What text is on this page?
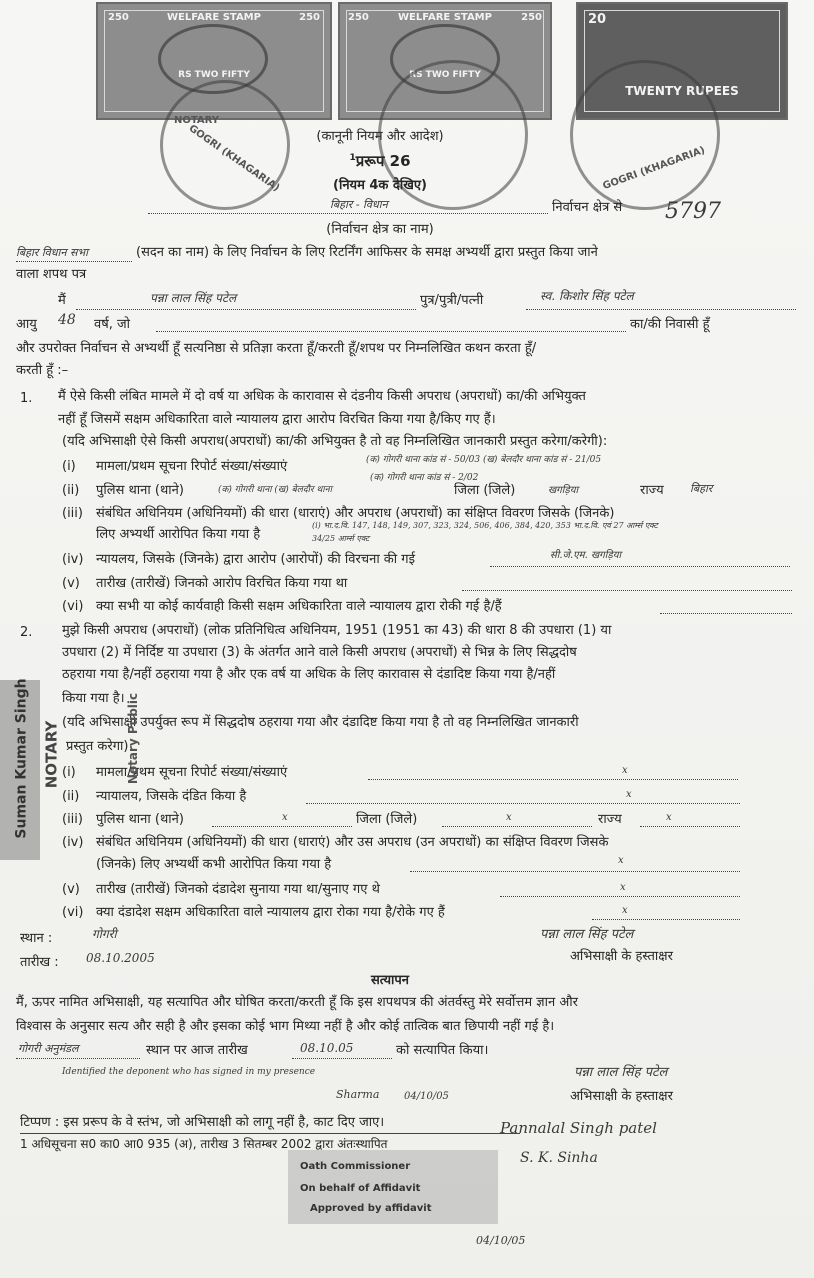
250	250
WELFARE STAMP
RS TWO FIFTY
250	250
WELFARE STAMP
RS TWO FIFTY
20
TWENTY RUPEES
NOTARY
GOGRI (KHAGARIA)	GOGRI (KHAGARIA)
(कानूनी नियम और आदेश)
$^1$प्ररूप 26
(नियम 4क देखिए)
बिहार - विधान	निर्वाचन क्षेत्र से 5797
(निर्वाचन क्षेत्र का नाम)
बिहार विधान सभा	(सदन का नाम) के लिए निर्वाचन के लिए रिटर्निंग आफिसर के समक्ष अभ्यर्थी द्वारा प्रस्तुत किया जाने
वाला शपथ पत्र
मैं	पन्ना लाल सिंह पटेल	पुत्र/पुत्री/पत्नी	स्व. किशोर सिंह पटेल
आयु 48 वर्ष, जो	का/की निवासी हूँ
और उपरोक्त निर्वाचन से अभ्यर्थी हूँ सत्यनिष्ठा से प्रतिज्ञा करता हूँ/करती हूँ/शपथ पर निम्नलिखित कथन करता हूँ/
करती हूँ :–
1. मैं ऐसे किसी लंबित मामले में दो वर्ष या अधिक के कारावास से दंडनीय किसी अपराध (अपराधों) का/की अभियुक्त
नहीं हूँ जिसमें सक्षम अधिकारिता वाले न्यायालय द्वारा आरोप विरचित किया गया है/किए गए हैं।
(यदि अभिसाक्षी ऐसे किसी अपराध(अपराधों) का/की अभियुक्त है तो वह निम्नलिखित जानकारी प्रस्तुत करेगा/करेगी):
(i) मामला/प्रथम सूचना रिपोर्ट संख्या/संख्याएं	(क) गोगरी थाना कांड सं - 50/03 (ख) बेलदौर थाना कांड सं - 21/05
(ii) पुलिस थाना (थाने)
(क) गोगरी थाना कांड सं - 2/02
(क) गोगरी थाना (ख) बेलदौर थाना	जिला (जिले)	खगड़िया	राज्य बिहार
(iii) संबंधित अधिनियम (अधिनियमों) की धारा (धाराएं) और अपराध (अपराधों) का संक्षिप्त विवरण जिसके (जिनके)
लिए अभ्यर्थी आरोपित किया गया है
(i) भा.द.वि. 147, 148, 149, 307, 323, 324, 506, 406, 384, 420, 353 भा.द.वि. एवं 27 आर्म्स एक्ट
34/25 आर्म्स एक्ट
(iv) न्यायलय, जिसके (जिनके) द्वारा आरोप (आरोपों) की विरचना की गई	सी.जे.एम. खगड़िया
(v) तारीख (तारीखें) जिनको आरोप विरचित किया गया था
(vi) क्या सभी या कोई कार्यवाही किसी सक्षम अधिकारिता वाले न्यायालय द्वारा रोकी गई है/हैं
2. मुझे किसी अपराध (अपराधों) (लोक प्रतिनिधित्व अधिनियम, 1951 (1951 का 43) की धारा 8 की उपधारा (1) या
उपधारा (2) में निर्दिष्ट या उपधारा (3) के अंतर्गत आने वाले किसी अपराध (अपराधों) से भिन्न के लिए सिद्धदोष
ठहराया गया है/नहीं ठहराया गया है और एक वर्ष या अधिक के लिए कारावास से दंडादिष्ट किया गया है/नहीं
किया गया है।
(यदि अभिसाक्षी उपर्युक्त रूप में सिद्धदोष ठहराया गया और दंडादिष्ट किया गया है तो वह निम्नलिखित जानकारी
प्रस्तुत करेगा)
(i) मामला/प्रथम सूचना रिपोर्ट संख्या/संख्याएं	x
(ii) न्यायालय, जिसके दंडित किया है	x
(iii) पुलिस थाना (थाने)	x	जिला (जिले)	x	राज्य	x
(iv) संबंधित अधिनियम (अधिनियमों) की धारा (धाराएं) और उस अपराध (उन अपराधों) का संक्षिप्त विवरण जिसके
(जिनके) लिए अभ्यर्थी कभी आरोपित किया गया है	x
(v) तारीख (तारीखें) जिनको दंडादेश सुनाया गया था/सुनाए गए थे	x
(vi) क्या दंडादेश सक्षम अधिकारिता वाले न्यायालय द्वारा रोका गया है/रोके गए हैं	x
Suman Kumar Singh NOTARY	Notary Public
स्थान :	गोगरी
तारीख : 08.10.2005
पन्ना लाल सिंह पटेल
अभिसाक्षी के हस्ताक्षर
सत्यापन
मैं, ऊपर नामित अभिसाक्षी, यह सत्यापित और घोषित करता/करती हूँ कि इस शपथपत्र की अंतर्वस्तु मेरे सर्वोत्तम ज्ञान और
विश्वास के अनुसार सत्य और सही है और इसका कोई भाग मिथ्या नहीं है और कोई तात्विक बात छिपायी नहीं गई है।
गोगरी अनुमंडल	स्थान पर आज तारीख	08.10.05	को सत्यापित किया।
Identified the deponent who has signed in my presence
Sharma 04/10/05
पन्ना लाल सिंह पटेल
अभिसाक्षी के हस्ताक्षर
टिप्पण : इस प्ररूप के वे स्तंभ, जो अभिसाक्षी को लागू नहीं है, काट दिए जाए।
1 अधिसूचना स0 का0 आ0 935 (अ), तारीख 3 सितम्बर 2002 द्वारा अंतःस्थापित
Pannalal Singh patel
S. K. Sinha
Oath Commissioner
On behalf of Affidavit
Approved by affidavit
04/10/05
